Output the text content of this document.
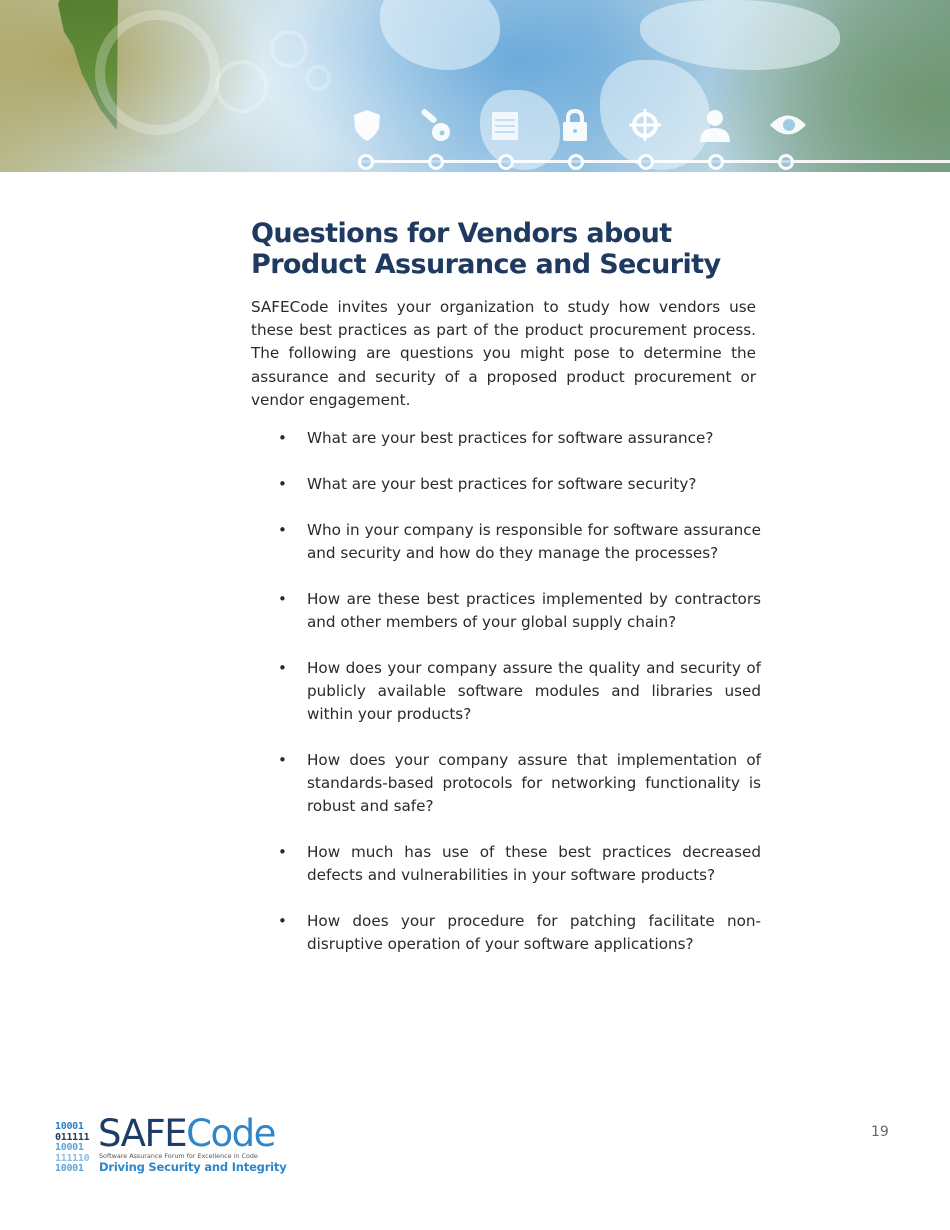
Questions for Vendors about Product Assurance and Security

SAFECode invites your organization to study how vendors use these best practices as part of the product procurement process. The following are questions you might pose to determine the assurance and security of a proposed product procurement or vendor engagement.

• What are your best practices for software assurance?
• What are your best practices for software security?
• Who in your company is responsible for software assurance and security and how do they manage the processes?
• How are these best practices implemented by contractors and other members of your global supply chain?
• How does your company assure the quality and security of publicly available software modules and libraries used within your products?
• How does your company assure that implementation of standards-based protocols for networking functionality is robust and safe?
• How much has use of these best practices decreased defects and vulnerabilities in your software products?
• How does your procedure for patching facilitate non-disruptive operation of your software applications?
10001
011111
10001
111110
10001
SAFECode
Software Assurance Forum for Excellence in Code
Driving Security and Integrity
19
